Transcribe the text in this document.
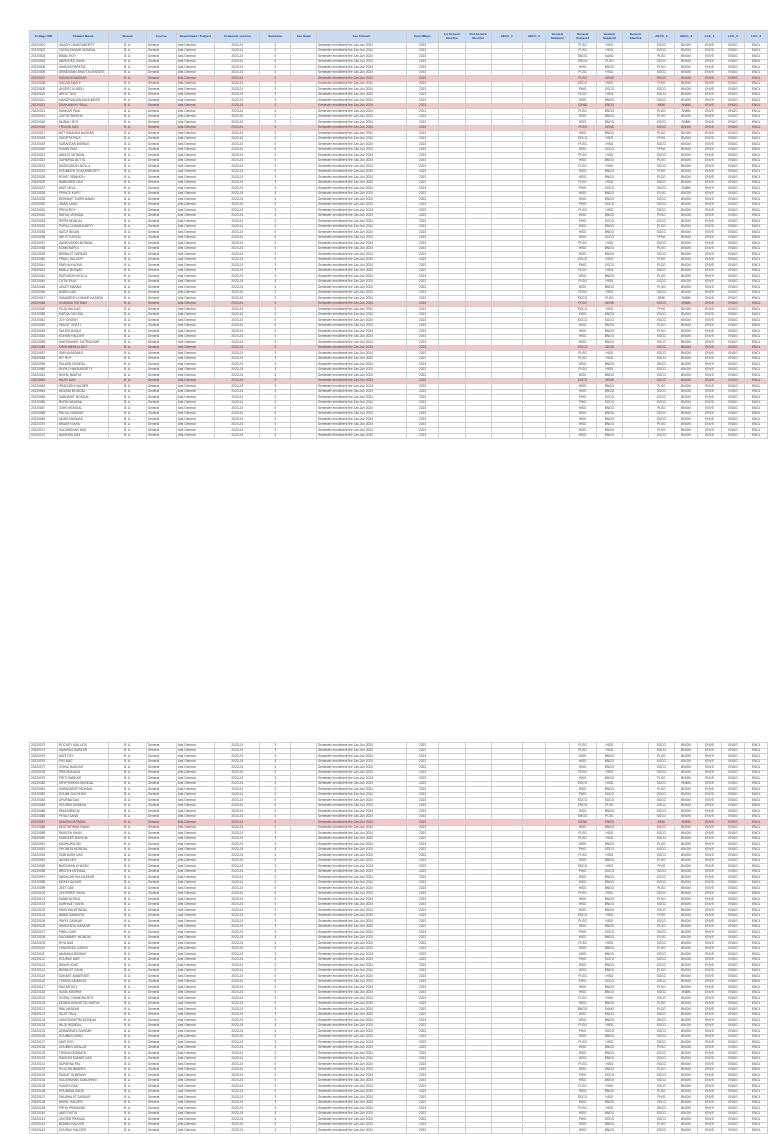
College UID	Student Name	Stream	Course	Department / Subject	Academic session	Semester	Fee Head	Fee Amount	Hons/Major	1st Generic Elective	2nd Generic Elective	AECC_1	AECC_2	General Subject1	General Subject2	General Subject3	Generic Elective	AECC_3	AECC_4	LCC_1	LCC_2	LCC_3
20220001	AKASH CHAKRABORTY	B. A.	General	Arts General	2023-24	3		Semester enrollment fee Jan-Jun 2024	2023						PLSG	HISG		SOCG	BNGM	ENVS	ENGG	ENGL
20220002	TAPAS KUMAR MONDAL	B. A.	General	Arts General	2023-24	3		Semester enrollment fee Jan-Jun 2024	2023						PLSG	HISG		SOCG	BNGM	ENVS	ENGG	ENGL
20220003	BIMAL ROY	B. A.	General	Arts General	2023-24	3		Semester enrollment fee Jan-Jun 2024	2023						BNGG	SANG		PLSG	BNGM	ENVS	ENGG	ENGL
20220004	ABHISHEK SAHA	B. A.	General	Arts General	2023-24	3		Semester enrollment fee Jan-Jun 2024	2023						ENGG	PLSG		SOCG	BNGM	ENVS	ENGG	ENGL
20220005	ANANYA PAPATIN	B. A.	General	Arts General	2023-24	3		Semester enrollment fee Jan-Jun 2024	2023						HISG	BNGG		PLSG	BNGM	ENVS	ENGG	ENGL
20220006	DEBANGAN BHATTACHARJEE	B. A.	General	Arts General	2023-24	3		Semester enrollment fee Jan-Jun 2024	2023						PLSG	HISG		SOCG	BNGM	ENVS	ENGG	ENGL
20220007	SANJAYA NASKAR	B. A.	General	Arts General	2023-24	3		Semester enrollment fee Jan-Jun 2024	2023						PLSG	GENE		SOCG	BNGM	ENVS	ENGG	ENGL
20220008	SAGAR MAJHI	B. A.	General	Arts General	2023-24	3		Semester enrollment fee Jan-Jun 2024	2023						EDCG	HISG		PHIG	BNGM	ENVS	ENGG	ENGL
20220009	AVIJEET KUNDU	B. A.	General	Arts General	2023-24	3		Semester enrollment fee Jan-Jun 2024	2023						PHIG	SOCG		SOCG	BNGM	ENVS	ENGG	ENGL
20220010	ARIJIT SEN	B. A.	General	Arts General	2023-24	3		Semester enrollment fee Jan-Jun 2024	2023						PLSG	HISG		SOCG	BNGM	ENVS	ENGG	ENGL
20220011	MANORANJAN MAJUMDER	B. A.	General	Arts General	2023-24	3		Semester enrollment fee Jan-Jun 2024	2023						HISG	BNGG		SOCG	BNGM	ENVS	ENGG	ENGL
20220012	CHAKANNYE PAUL	B. A.	General	Arts General	2023-24	3		Semester enrollment fee Jan-Jun 2024	2023						GENE	ENGG		BENI	SNBM	ENVS	ENGG	ENGL
20220013	SANKAR PAUL	B. A.	General	Arts General	2023-24	3		Semester enrollment fee Jan-Jun 2024	2023						PLSG	BNGG		PLSG	SNBM	ENVS	ENGG	ENGL
20220014	JAYITA PAPATIN	B. A.	General	Arts General	2023-24	3		Semester enrollment fee Jan-Jun 2024	2023						HISG	BNGG		PLSG	BNGM	ENVS	ENGG	ENGL
20220015	MURALI ROY	B. A.	General	Arts General	2023-24	3		Semester enrollment fee Jan-Jun 2024	2023						HISG	BNGG		SOCG	SNBM	ENVS	ENGG	ENGL
20220016	TRIGUN DAS	B. A.	General	Arts General	2023-24	3		Semester enrollment fee Jan-Jun 2024	2023						PLSG	GENE		SOCG	BNGM	ENVS	ENGG	ENGL
20220017	BITTHINANDA NASKAR	B. A.	General	Arts General	2023-24	3		Semester enrollment fee Jan-Jun 2024	2023						HISG	BNGG		PLSG	BNGM	ENVS	ENGG	ENGL
20220018	SUDIPTA PAUL	B. A.	General	Arts General	2023-24	3		Semester enrollment fee Jan-Jun 2024	2023						EDCG	HISG		PHIG	BNGM	ENVS	ENGG	ENGL
20220019	SARANTAN BISWAS	B. A.	General	Arts General	2023-24	3		Semester enrollment fee Jan-Jun 2024	2023						PLSG	HISG		SOCG	BNGM	ENVS	ENGG	ENGL
20220020	SUMIN PAUL	B. A.	General	Arts General	2023-24	3		Semester enrollment fee Jan-Jun 2024	2023						HISG	SOCG		PHIG	BNGM	ENVS	ENGG	ENGL
20220021	ABHIJIT MONDAL	B. A.	General	Arts General	2023-24	3		Semester enrollment fee Jan-Jun 2024	2023						PLSG	HISG		SOCG	BNGM	ENVS	ENGG	ENGL
20220022	SUPARNA DUTTA	B. A.	General	Arts General	2023-24	3		Semester enrollment fee Jan-Jun 2024	2023						HISG	BNGG		PLSG	BNGM	ENVS	ENGG	ENGL
20220023	NASIRUDDIN MOLLA	B. A.	General	Arts General	2023-24	3		Semester enrollment fee Jan-Jun 2024	2023						PLSG	HISG		SOCG	BNGM	ENVS	ENGG	ENGL
20220024	SOUMEEN CHAKRABORTY	B. A.	General	Arts General	2023-24	3		Semester enrollment fee Jan-Jun 2024	2023						HISG	BNGG		PHIG	BNGM	ENVS	ENGG	ENGL
20220025	ROHIT DEBNATH	B. A.	General	Arts General	2023-24	3		Semester enrollment fee Jan-Jun 2024	2023						HISG	BNGG		PLSG	BNGM	ENVS	ENGG	ENGL
20220026	RABINDER DAS	B. A.	General	Arts General	2023-24	3		Semester enrollment fee Jan-Jun 2024	2023						PLSG	HISG		SOCG	BNGM	ENVS	ENGG	ENGL
20220027	AMIT HELA	B. A.	General	Arts General	2023-24	3		Semester enrollment fee Jan-Jun 2024	2023						PHIG	SOCG		SOCG	SNBM	ENVS	ENGG	ENGL
20220028	PRINCE KAPIT	B. A.	General	Arts General	2023-24	3		Semester enrollment fee Jan-Jun 2024	2023						HISG	BNGG		PLSG	BNGM	ENVS	ENGG	ENGL
20220029	BISHAMIT SARKHANAN	B. A.	General	Arts General	2023-24	3		Semester enrollment fee Jan-Jun 2024	2023						HISG	BNGG		SOCG	BNGM	ENVS	ENGG	ENGL
20220030	JIBAN LANG	B. A.	General	Arts General	2023-24	3		Semester enrollment fee Jan-Jun 2024	2023						PHIG	SOCG		SOCG	BNGM	ENVS	ENGG	ENGL
20220031	PRIYA ROY	B. A.	General	Arts General	2023-24	3		Semester enrollment fee Jan-Jun 2024	2023						PLSG	HISG		SOCG	BNGM	ENVS	ENGG	ENGL
20220032	RAHUL MONDAL	B. A.	General	Arts General	2023-24	3		Semester enrollment fee Jan-Jun 2024	2023						HISG	BNGG		PLSG	BNGM	ENVS	ENGG	ENGL
20220033	RIPPA MONDAL	B. A.	General	Arts General	2023-24	3		Semester enrollment fee Jan-Jun 2024	2023						PHIG	SOCG		SOCG	BNGM	ENVS	ENGG	ENGL
20220034	PURAJ CHAKRAVARTY	B. A.	General	Arts General	2023-24	3		Semester enrollment fee Jan-Jun 2024	2023						HISG	BNGG		PLSG	BNGM	ENVS	ENGG	ENGL
20220035	SAGIT BIGAN	B. A.	General	Arts General	2023-24	3		Semester enrollment fee Jan-Jun 2024	2023						HISG	BNGG		SOCG	BNGM	ENVS	ENGG	ENGL
20220036	ARIJIT KASTAL	B. A.	General	Arts General	2023-24	3		Semester enrollment fee Jan-Jun 2024	2023						HISG	SOCG		PHIG	BNGM	ENVS	ENGG	ENGL
20220037	SAHIDUDDIN MONDAL	B. A.	General	Arts General	2023-24	3		Semester enrollment fee Jan-Jun 2024	2023						PLSG	HISG		SOCG	BNGM	ENVS	ENGG	ENGL
20220038	SOMA BAPUI	B. A.	General	Arts General	2023-24	3		Semester enrollment fee Jan-Jun 2024	2023						HISG	BNGG		PLSG	BNGM	ENVS	ENGG	ENGL
20220039	BISWAJIT SARKAR	B. A.	General	Arts General	2023-24	3		Semester enrollment fee Jan-Jun 2024	2023						HISG	BNGG		SOCG	BNGM	ENVS	ENGG	ENGL
20220040	PRIALI HALDER	B. A.	General	Arts General	2023-24	3		Semester enrollment fee Jan-Jun 2024	2023						EDCG	HISG		PHIG	BNGM	ENVS	ENGG	ENGL
20220041	SNEHA KHONA	B. A.	General	Arts General	2023-24	3		Semester enrollment fee Jan-Jun 2024	2023						PHIG	SOCG		PLSG	BNGM	ENVS	ENGG	ENGL
20220042	BABLU BISWAS	B. A.	General	Arts General	2023-24	3		Semester enrollment fee Jan-Jun 2024	2023						PLSG	HISG		SOCG	BNGM	ENVS	ENGG	ENGL
20220043	SURUDDIN MOLLA	B. A.	General	Arts General	2023-24	3		Semester enrollment fee Jan-Jun 2024	2023						HISG	BNGG		PLSG	BNGM	ENVS	ENGG	ENGL
20220044	TUTAI PAUL	B. A.	General	Arts General	2023-24	3		Semester enrollment fee Jan-Jun 2024	2023						PLSG	HISG		SOCG	BNGM	ENVS	ENGG	ENGL
20220045	JAYATI MANNA	B. A.	General	Arts General	2023-24	3		Semester enrollment fee Jan-Jun 2024	2023						HISG	BNGG		PLSG	BNGM	ENVS	ENGG	ENGL
20220046	NABIN DAS	B. A.	General	Arts General	2023-24	3		Semester enrollment fee Jan-Jun 2024	2023						PLSG	HISG		SOCG	BNGM	ENVS	ENGG	ENGL
20220047	SAMARESH KUMAR HAZARA	B. A.	General	Arts General	2023-24	3		Semester enrollment fee Jan-Jun 2024	2023						EDCG	PLSG		BENI	SNBM	ENVS	ENGG	ENGL
20220048	CHANDAI PATHAN	B. A.	General	Arts General	2023-24	3		Semester enrollment fee Jan-Jun 2024	2023						PLSG	GENE		SOCG	SNBM	ENVS	ENGG	ENGL
20220049	PUJA HALDAR	B. A.	General	Arts General	2023-24	3		Semester enrollment fee Jan-Jun 2024	2023						EDCG	HISG		PHIG	BNGM	ENVS	ENGG	ENGL
20220050	SAPNA GHOSAL	B. A.	General	Arts General	2023-24	3		Semester enrollment fee Jan-Jun 2024	2023						HISG	BNGG		SOCG	BNGM	ENVS	ENGG	ENGL
20220051	JOY GHOSH	B. A.	General	Arts General	2023-24	3		Semester enrollment fee Jan-Jun 2024	2023						EDCG	SOCG		SOCG	BNGM	ENVS	ENGG	ENGL
20220052	SANJIT GHATY	B. A.	General	Arts General	2023-24	3		Semester enrollment fee Jan-Jun 2024	2023						HISG	BNGG		PLSG	BNGM	ENVS	ENGG	ENGL
20220053	SULEKHA BAG	B. A.	General	Arts General	2023-24	3		Semester enrollment fee Jan-Jun 2024	2023						HISG	BNGG		PLSG	BNGM	ENVS	ENGG	ENGL
20220054	SOHAN HALDER	B. A.	General	Arts General	2023-24	3		Semester enrollment fee Jan-Jun 2024	2023						HISG	BNGG		SOCG	BNGM	ENVS	ENGG	ENGL
20220055	DARSHANEE SUTRADHAR	B. A.	General	Arts General	2023-24	3		Semester enrollment fee Jan-Jun 2024	2023						HISG	BNGG		SOCG	BNGM	ENVS	ENGG	ENGL
20220056	KRISHNENDU DEY	B. A.	General	Arts General	2023-24	3		Semester enrollment fee Jan-Jun 2024	2023						EDCG	GENE		SOCG	BNGM	ENVS	ENGG	ENGL
20220057	SNEHA BISWAS	B. A.	General	Arts General	2023-24	3		Semester enrollment fee Jan-Jun 2024	2023						PLSG	HISG		SOCG	BNGM	ENVS	ENGG	ENGL
20220058	RIT ROY	B. A.	General	Arts General	2023-24	3		Semester enrollment fee Jan-Jun 2024	2023						PLSG	HISG		SOCG	BNGM	ENVS	ENGG	ENGL
20220059	PALASH MONDAL	B. A.	General	Arts General	2023-24	3		Semester enrollment fee Jan-Jun 2024	2023						HISG	BNGG		SOCG	BNGM	ENVS	ENGG	ENGL
20220060	RUPA CHAKRABORTY	B. A.	General	Arts General	2023-24	3		Semester enrollment fee Jan-Jun 2024	2023						PLSG	HISG		SOCG	BNGM	ENVS	ENGG	ENGL
20220061	NIKHIL BAIDYA	B. A.	General	Arts General	2023-24	3		Semester enrollment fee Jan-Jun 2024	2023						HISG	BNGG		SOCG	BNGM	ENVS	ENGG	ENGL
20220062	RAJIV DAS	B. A.	General	Arts General	2023-24	3		Semester enrollment fee Jan-Jun 2024	2023						EDCG	GENE		SOCG	BNGM	ENVS	ENGG	ENGL
20220063	PRADOSH HALDER	B. A.	General	Arts General	2023-24	3		Semester enrollment fee Jan-Jun 2024	2023						HISG	BNGG		PLSG	BNGM	ENVS	ENGG	ENGL
20220064	MOUMA MONDAL	B. A.	General	Arts General	2023-24	3		Semester enrollment fee Jan-Jun 2024	2023						HISG	BNGG		SOCG	BNGM	ENVS	ENGG	ENGL
20220065	SABHANIT MONDAL	B. A.	General	Arts General	2023-24	3		Semester enrollment fee Jan-Jun 2024	2023						PHIG	SOCG		SOCG	BNGM	ENVS	ENGG	ENGL
20220066	RUPAI MONDAL	B. A.	General	Arts General	2023-24	3		Semester enrollment fee Jan-Jun 2024	2023						PHIG	SOCG		SOCG	BNGM	ENVS	ENGG	ENGL
20220067	JOHN MONDAL	B. A.	General	Arts General	2023-24	3		Semester enrollment fee Jan-Jun 2024	2023						HISG	BNGG		PLSG	BNGM	ENVS	ENGG	ENGL
20220068	RAHUL NASKAR	B. A.	General	Arts General	2023-24	3		Semester enrollment fee Jan-Jun 2024	2023						HISG	BNGG		SOCG	BNGM	ENVS	ENGG	ENGL
20220069	AKASH BISWAS	B. A.	General	Arts General	2023-24	3		Semester enrollment fee Jan-Jun 2024	2023						HISG	BNGG		SOCG	BNGM	ENVS	ENGG	ENGL
20220070	BIKASH SAHU	B. A.	General	Arts General	2023-24	3		Semester enrollment fee Jan-Jun 2024	2023						HISG	BNGG		PLSG	BNGM	ENVS	ENGG	ENGL
20220071	SUDARSHAN DAS	B. A.	General	Arts General	2023-24	3		Semester enrollment fee Jan-Jun 2024	2023						HISG	BNGG		PLSG	BNGM	ENVS	ENGG	ENGL
20220072	NANKIRA DAS	B. A.	General	Arts General	2023-24	3		Semester enrollment fee Jan-Jun 2024	2023						HISG	BNGG		SOCG	BNGM	ENVS	ENGG	ENGL
20220073	ROCKEY MULLICK	B. A.	General	Arts General	2023-24	3		Semester enrollment fee Jan-Jun 2024	2023						PLSG	HISG		SOCG	BNGM	ENVS	ENGG	ENGL
20220074	ANAMIKA SARKAR	B. A.	General	Arts General	2023-24	3		Semester enrollment fee Jan-Jun 2024	2023						PLSG	HISG		SOCG	BNGM	ENVS	ENGG	ENGL
20220075	AMIT DEY	B. A.	General	Arts General	2023-24	3		Semester enrollment fee Jan-Jun 2024	2023						HISG	BNGG		PLSG	BNGM	ENVS	ENGG	ENGL
20220076	PIKI BAG	B. A.	General	Arts General	2023-24	3		Semester enrollment fee Jan-Jun 2024	2023						HISG	BNGG		SOCG	BNGM	ENVS	ENGG	ENGL
20220077	CHINU NASKAR	B. A.	General	Arts General	2023-24	3		Semester enrollment fee Jan-Jun 2024	2023						HISG	BNGG		SOCG	BNGM	ENVS	ENGG	ENGL
20220078	PRATIMA BAG	B. A.	General	Arts General	2023-24	3		Semester enrollment fee Jan-Jun 2024	2023						PLSG	HISG		SOCG	BNGM	ENVS	ENGG	ENGL
20220079	PRITI SARKAR	B. A.	General	Arts General	2023-24	3		Semester enrollment fee Jan-Jun 2024	2023						HISG	BNGG		PLSG	BNGM	ENVS	ENGG	ENGL
20220080	SHYPSHIKHA MONDAL	B. A.	General	Arts General	2023-24	3		Semester enrollment fee Jan-Jun 2024	2023						EDCG	HISG		SOCG	SNBM	ENVS	ENGG	ENGL
20220081	SARANDEEP MONDAL	B. A.	General	Arts General	2023-24	3		Semester enrollment fee Jan-Jun 2024	2023						HISG	BNGG		PLSG	BNGM	ENVS	ENGG	ENGL
20220082	SOUMI GACHHAIT	B. A.	General	Arts General	2023-24	3		Semester enrollment fee Jan-Jun 2024	2023						PHIG	SOCG		SOCG	BNGM	ENVS	ENGG	ENGL
20220083	APURBA DAS	B. A.	General	Arts General	2023-24	3		Semester enrollment fee Jan-Jun 2024	2023						EDCG	SOCG		SOCG	BNGM	ENVS	ENGG	ENGL
20220084	SOURAV MONDAL	B. A.	General	Arts General	2023-24	3		Semester enrollment fee Jan-Jun 2024	2023						ENGG	PLSG		SOCG	BNGM	ENVS	ENGG	ENGL
20220085	RINA MRIDHA	B. A.	General	Arts General	2023-24	3		Semester enrollment fee Jan-Jun 2024	2023						HISG	BNGG		SOCG	BNGM	ENVS	ENGG	ENGL
20220086	PIYALI SANA	B. A.	General	Arts General	2023-24	3		Semester enrollment fee Jan-Jun 2024	2023						ENGG	PLSG		SOCG	BNGM	ENVS	ENGG	ENGL
20220087	SUMONI MONDAL	B. A.	General	Arts General	2023-24	3		Semester enrollment fee Jan-Jun 2024	2023						GENE	ENGG		BENI	SNBM	ENVS	ENGG	ENGL
20220088	MOSTAFINNA Parbin	B. A.	General	Arts General	2023-24	3		Semester enrollment fee Jan-Jun 2024	2023						HISG	BNGG		SOCG	BNGM	ENVS	ENGG	ENGL
20220089	RAKESH KHAN	B. A.	General	Arts General	2023-24	3		Semester enrollment fee Jan-Jun 2024	2023						PLSG	HISG		SOCG	BNGM	ENVS	ENGG	ENGL
20220090	SANDEEP BIDISHA	B. A.	General	Arts General	2023-24	3		Semester enrollment fee Jan-Jun 2024	2023						PLSG	HISG		SOCG	BNGM	ENVS	ENGG	ENGL
20220091	MADHURA PAL	B. A.	General	Arts General	2023-24	3		Semester enrollment fee Jan-Jun 2024	2023						HISG	BNGG		PLSG	BNGM	ENVS	ENGG	ENGL
20220092	PROMITA MONDAL	B. A.	General	Arts General	2023-24	3		Semester enrollment fee Jan-Jun 2024	2023						PHIG	SOCG		SOCG	BNGM	ENVS	ENGG	ENGL
20220093	SUBHASHI DAS	B. A.	General	Arts General	2023-24	3		Semester enrollment fee Jan-Jun 2024	2023						PLSG	HISG		SOCG	BNGM	ENVS	ENGG	ENGL
20220094	NAYAN DEY	B. A.	General	Arts General	2023-24	3		Semester enrollment fee Jan-Jun 2024	2023						HISG	BNGG		PLSG	BNGM	ENVS	ENGG	ENGL
20220095	BURDWAN KHATAN	B. A.	General	Arts General	2023-24	3		Semester enrollment fee Jan-Jun 2024	2023						EDCG	HISG		PHIG	BNGM	ENVS	ENGG	ENGL
20220096	BRISTHI MONDAL	B. A.	General	Arts General	2023-24	3		Semester enrollment fee Jan-Jun 2024	2023						PHIG	SOCG		SOCG	BNGM	ENVS	ENGG	ENGL
20220097	MADHUMITHA NASKAR	B. A.	General	Arts General	2023-24	3		Semester enrollment fee Jan-Jun 2024	2023						HISG	BNGG		SOCG	BNGM	ENVS	ENGG	ENGL
20220098	MOMI HALDAR	B. A.	General	Arts General	2023-24	3		Semester enrollment fee Jan-Jun 2024	2023						HISG	BNGG		SOCG	BNGM	ENVS	ENGG	ENGL
20220099	JEET DAS	B. A.	General	Arts General	2023-24	3		Semester enrollment fee Jan-Jun 2024	2023						HISG	BNGG		PLSG	BNGM	ENVS	ENGG	ENGL
20220100	JAYSHREE SAHU	B. A.	General	Arts General	2023-24	3		Semester enrollment fee Jan-Jun 2024	2023						PLSG	HISG		SOCG	BNGM	ENVS	ENGG	ENGL
20220101	SANKHA PAUL	B. A.	General	Arts General	2023-24	3		Semester enrollment fee Jan-Jun 2024	2023						HISG	BNGG		PLSG	BNGM	ENVS	ENGG	ENGL
20220102	SUBHAJIT SAHA	B. A.	General	Arts General	2023-24	3		Semester enrollment fee Jan-Jun 2024	2023						HISG	BNGG		SOCG	BNGM	ENVS	ENGG	ENGL
20220103	KRISHNA MONDAL	B. A.	General	Arts General	2023-24	3		Semester enrollment fee Jan-Jun 2024	2023						HISG	BNGG		SOCG	BNGM	ENVS	ENGG	ENGL
20220104	BABAI SAMANTA	B. A.	General	Arts General	2023-24	3		Semester enrollment fee Jan-Jun 2024	2023						EDCG	HISG		PHIG	BNGM	ENVS	ENGG	ENGL
20220105	PAYEL SARKAR	B. A.	General	Arts General	2023-24	3		Semester enrollment fee Jan-Jun 2024	2023						PLSG	HISG		SOCG	BNGM	ENVS	ENGG	ENGL
20220106	SHANTANU NASKAR	B. A.	General	Arts General	2023-24	3		Semester enrollment fee Jan-Jun 2024	2023						HISG	BNGG		PLSG	BNGM	ENVS	ENGG	ENGL
20220107	PINKU DAS	B. A.	General	Arts General	2023-24	3		Semester enrollment fee Jan-Jun 2024	2023						PHIG	SOCG		SOCG	BNGM	ENVS	ENGG	ENGL
20220108	SAGHAMEY MONDAL	B. A.	General	Arts General	2023-24	3		Semester enrollment fee Jan-Jun 2024	2023						HISG	BNGG		PLSG	BNGM	ENVS	ENGG	ENGL
20220109	RIYA DAS	B. A.	General	Arts General	2023-24	3		Semester enrollment fee Jan-Jun 2024	2023						PLSG	HISG		SOCG	BNGM	ENVS	ENGG	ENGL
20220110	TANUSREE GAYEN	B. A.	General	Arts General	2023-24	3		Semester enrollment fee Jan-Jun 2024	2023						HISG	BNGG		PLSG	BNGM	ENVS	ENGG	ENGL
20220111	ANAMIKA BISWAS	B. A.	General	Arts General	2023-24	3		Semester enrollment fee Jan-Jun 2024	2023						HISG	BNGG		SOCG	BNGM	ENVS	ENGG	ENGL
20220112	SOURAV BAR	B. A.	General	Arts General	2023-24	3		Semester enrollment fee Jan-Jun 2024	2023						PHIG	SOCG		SOCG	BNGM	ENVS	ENGG	ENGL
20220113	BIKASH DAS	B. A.	General	Arts General	2023-24	3		Semester enrollment fee Jan-Jun 2024	2023						HISG	BNGG		SOCG	BNGM	ENVS	ENGG	ENGL
20220114	BISWAJIT SAHA	B. A.	General	Arts General	2023-24	3		Semester enrollment fee Jan-Jun 2024	2023						HISG	BNGG		PLSG	BNGM	ENVS	ENGG	ENGL
20220115	SUKANT BANERJEE	B. A.	General	Arts General	2023-24	3		Semester enrollment fee Jan-Jun 2024	2023						PLSG	HISG		SOCG	BNGM	ENVS	ENGG	ENGL
20220116	TRISHA SAMANTA	B. A.	General	Arts General	2023-24	3		Semester enrollment fee Jan-Jun 2024	2023						PHIG	SOCG		SOCG	BNGM	ENVS	ENGG	ENGL
20220117	SAGAR DEY	B. A.	General	Arts General	2023-24	3		Semester enrollment fee Jan-Jun 2024	2023						HISG	BNGG		PLSG	BNGM	ENVS	ENGG	ENGL
20220118	SUNIL MISHRA	B. A.	General	Arts General	2023-24	3		Semester enrollment fee Jan-Jun 2024	2023						HISG	BNGG		SOCG	SNBM	ENVS	ENGG	ENGL
20220119	GOPAL CHANDRA ROY	B. A.	General	Arts General	2023-24	3		Semester enrollment fee Jan-Jun 2024	2023						PLSG	HISG		SOCG	BNGM	ENVS	ENGG	ENGL
20220120	MONISHA BHATTACHARYA	B. A.	General	Arts General	2023-24	3		Semester enrollment fee Jan-Jun 2024	2023						HISG	BNGG		PLSG	BNGM	ENVS	ENGG	ENGL
20220121	RINI NASKAR	B. A.	General	Arts General	2023-24	3		Semester enrollment fee Jan-Jun 2024	2023						BNGG	SANG		PLSG	BNGM	ENVS	ENGG	ENGL
20220122	SUJIT PAUL	B. A.	General	Arts General	2023-24	3		Semester enrollment fee Jan-Jun 2024	2023						HISG	BNGG		SOCG	BNGM	ENVS	ENGG	ENGL
20220123	SANGHAMITRA MONDAL	B. A.	General	Arts General	2023-24	3		Semester enrollment fee Jan-Jun 2024	2023						HISG	BNGG		SOCG	BNGM	ENVS	ENGG	ENGL
20220124	RAJU MONDAL	B. A.	General	Arts General	2023-24	3		Semester enrollment fee Jan-Jun 2024	2023						PLSG	HISG		SOCG	BNGM	ENVS	ENGG	ENGL
20220125	DEBABRATA SARDAR	B. A.	General	Arts General	2023-24	3		Semester enrollment fee Jan-Jun 2024	2023						PHIG	SOCG		SOCG	BNGM	ENVS	ENGG	ENGL
20220126	SOUMEN SAHU	B. A.	General	Arts General	2023-24	3		Semester enrollment fee Jan-Jun 2024	2023						HISG	BNGG		SOCG	BNGM	ENVS	ENGG	ENGL
20220127	AMIT ROY	B. A.	General	Arts General	2023-24	3		Semester enrollment fee Jan-Jun 2024	2023						PLSG	HISG		SOCG	BNGM	ENVS	ENGG	ENGL
20220128	SOUMEN DHALUK	B. A.	General	Arts General	2023-24	3		Semester enrollment fee Jan-Jun 2024	2023						HISG	BNGG		PLSG	BNGM	ENVS	ENGG	ENGL
20220129	TRISHA DEBNATH	B. A.	General	Arts General	2023-24	3		Semester enrollment fee Jan-Jun 2024	2023						HISG	BNGG		SOCG	BNGM	ENVS	ENGG	ENGL
20220130	RAKESH KUMAR DAS	B. A.	General	Arts General	2023-24	3		Semester enrollment fee Jan-Jun 2024	2023						HISG	BNGG		SOCG	BNGM	ENVS	ENGG	ENGL
20220131	SUPARNA PAL	B. A.	General	Arts General	2023-24	3		Semester enrollment fee Jan-Jun 2024	2023						PLSG	HISG		SOCG	BNGM	ENVS	ENGG	ENGL
20220132	PUJA RAJBANSHI	B. A.	General	Arts General	2023-24	3		Semester enrollment fee Jan-Jun 2024	2023						HISG	BNGG		PLSG	BNGM	ENVS	ENGG	ENGL
20220133	SAIKAT GHARAMI	B. A.	General	Arts General	2023-24	3		Semester enrollment fee Jan-Jun 2024	2023						PHIG	SOCG		SOCG	BNGM	ENVS	ENGG	ENGL
20220134	SUDARSHAN SANDIPANI	B. A.	General	Arts General	2023-24	3		Semester enrollment fee Jan-Jun 2024	2023						HISG	BNGG		SOCG	BNGM	ENVS	ENGG	ENGL
20220135	SUMITA DAS	B. A.	General	Arts General	2023-24	3		Semester enrollment fee Jan-Jun 2024	2023						PLSG	HISG		SOCG	BNGM	ENVS	ENGG	ENGL
20220136	SOUMAVA SAHA	B. A.	General	Arts General	2023-24	3		Semester enrollment fee Jan-Jun 2024	2023						HISG	BNGG		PLSG	BNGM	ENVS	ENGG	ENGL
20220137	SHUBHAJIT SARKAR	B. A.	General	Arts General	2023-24	3		Semester enrollment fee Jan-Jun 2024	2023						EDCG	HISG		PHIG	BNGM	ENVS	ENGG	ENGL
20220138	NIKHIL HALDER	B. A.	General	Arts General	2023-24	3		Semester enrollment fee Jan-Jun 2024	2023						HISG	BNGG		SOCG	BNGM	ENVS	ENGG	ENGL
20220139	PRIYA PRAMANIK	B. A.	General	Arts General	2023-24	3		Semester enrollment fee Jan-Jun 2024	2023						PLSG	HISG		SOCG	BNGM	ENVS	ENGG	ENGL
20220140	AMIT DATTA	B. A.	General	Arts General	2023-24	3		Semester enrollment fee Jan-Jun 2024	2023						HISG	BNGG		SOCG	BNGM	ENVS	ENGG	ENGL
20220141	JAYDEB PRASAD	B. A.	General	Arts General	2023-24	3		Semester enrollment fee Jan-Jun 2024	2023						PHIG	SOCG		SOCG	BNGM	ENVS	ENGG	ENGL
20220142	BOMBA HALDER	B. A.	General	Arts General	2023-24	3		Semester enrollment fee Jan-Jun 2024	2023						HISG	BNGG		PLSG	BNGM	ENVS	ENGG	ENGL
20220143	SOURAV HALDER	B. A.	General	Arts General	2023-24	3		Semester enrollment fee Jan-Jun 2024	2023						HISG	BNGG		SOCG	BNGM	ENVS	ENGG	ENGL
